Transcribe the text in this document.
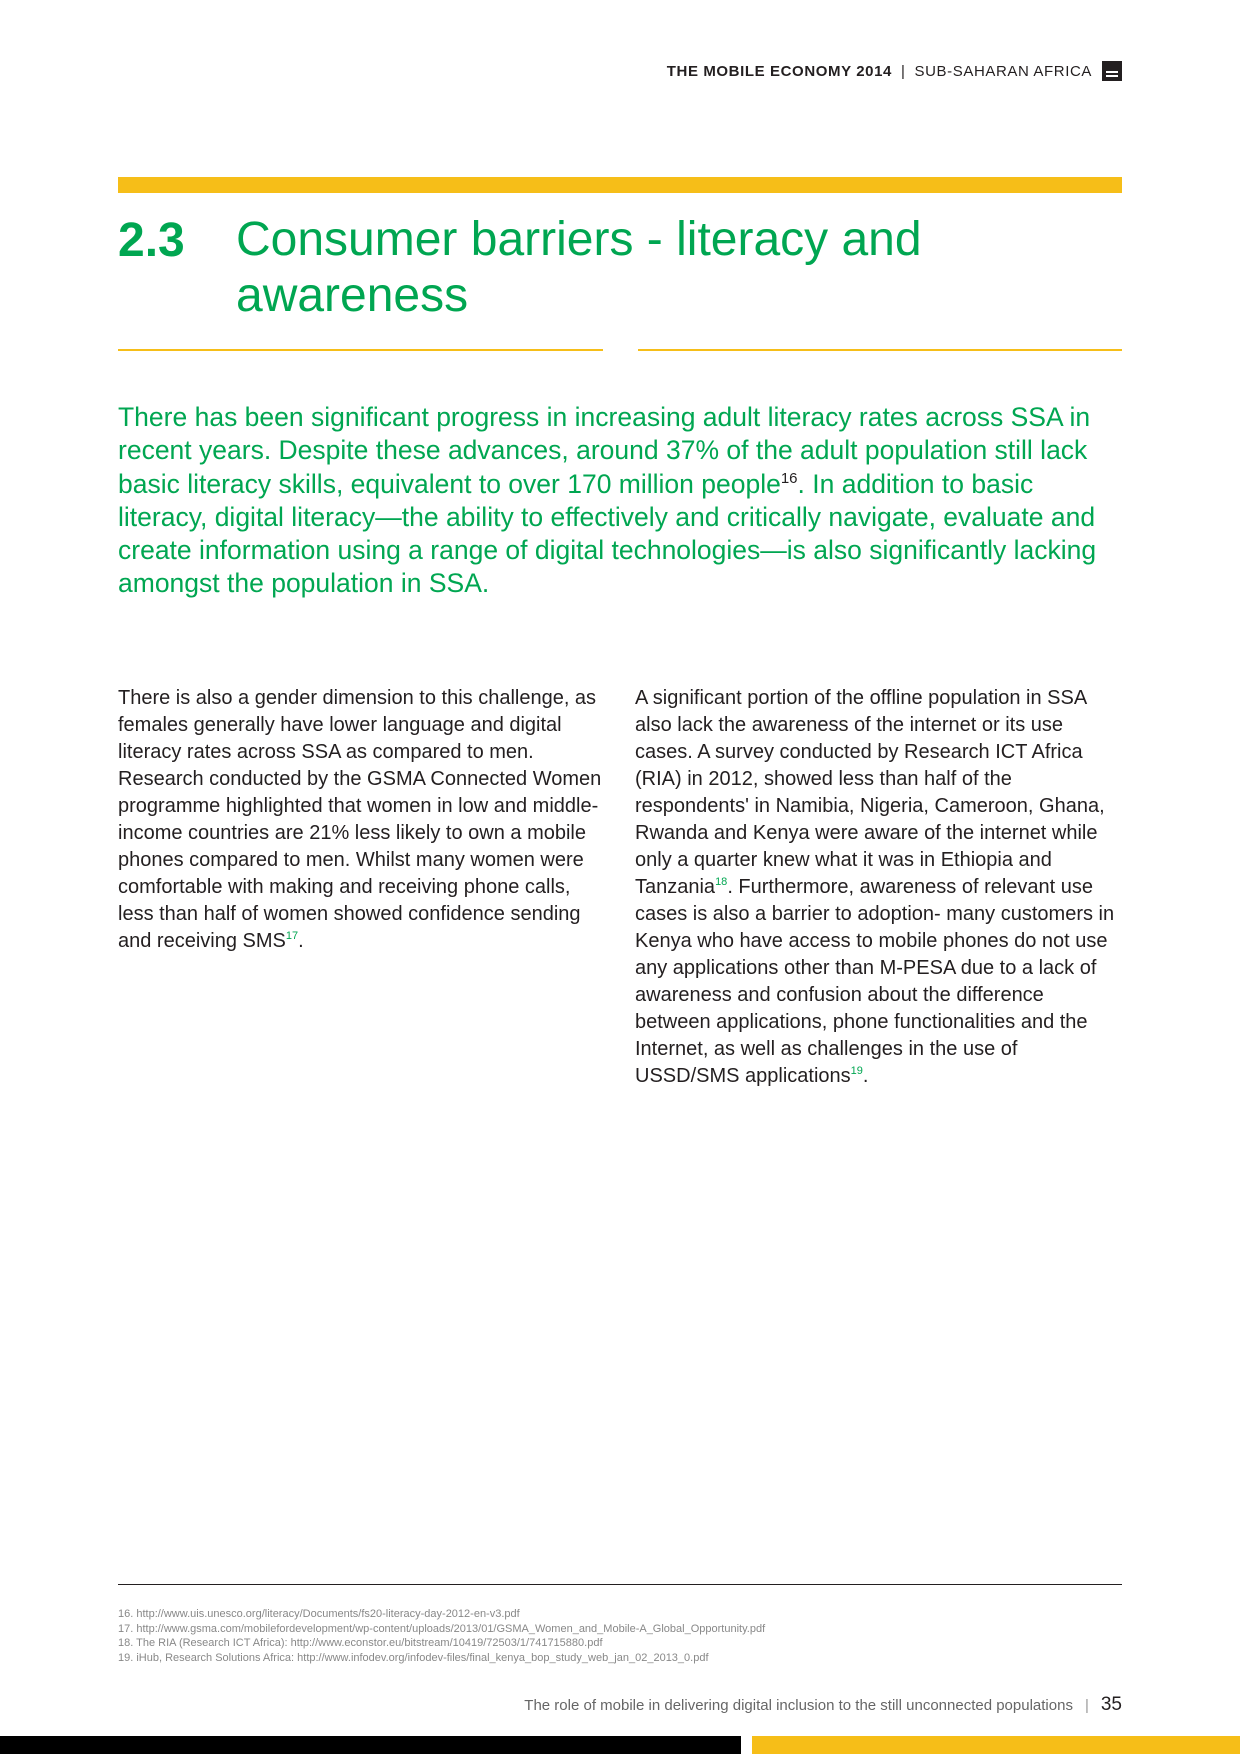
THE MOBILE ECONOMY 2014 | SUB-SAHARAN AFRICA
2.3 Consumer barriers - literacy and awareness

There has been significant progress in increasing adult literacy rates across SSA in recent years. Despite these advances, around 37% of the adult population still lack basic literacy skills, equivalent to over 170 million people$^{16}$. In addition to basic literacy, digital literacy—the ability to effectively and critically navigate, evaluate and create information using a range of digital technologies—is also significantly lacking amongst the population in SSA.

There is also a gender dimension to this challenge, as females generally have lower language and digital literacy rates across SSA as compared to men. Research conducted by the GSMA Connected Women programme highlighted that women in low and middle-income countries are 21% less likely to own a mobile phones compared to men. Whilst many women were comfortable with making and receiving phone calls, less than half of women showed confidence sending and receiving SMS$^{17}$.

A significant portion of the offline population in SSA also lack the awareness of the internet or its use cases. A survey conducted by Research ICT Africa (RIA) in 2012, showed less than half of the respondents' in Namibia, Nigeria, Cameroon, Ghana, Rwanda and Kenya were aware of the internet while only a quarter knew what it was in Ethiopia and Tanzania$^{18}$. Furthermore, awareness of relevant use cases is also a barrier to adoption- many customers in Kenya who have access to mobile phones do not use any applications other than M-PESA due to a lack of awareness and confusion about the difference between applications, phone functionalities and the Internet, as well as challenges in the use of USSD/SMS applications$^{19}$.

16. http://www.uis.unesco.org/literacy/Documents/fs20-literacy-day-2012-en-v3.pdf
17. http://www.gsma.com/mobilefordevelopment/wp-content/uploads/2013/01/GSMA_Women_and_Mobile-A_Global_Opportunity.pdf
18. The RIA (Research ICT Africa): http://www.econstor.eu/bitstream/10419/72503/1/741715880.pdf
19. iHub, Research Solutions Africa: http://www.infodev.org/infodev-files/final_kenya_bop_study_web_jan_02_2013_0.pdf
The role of mobile in delivering digital inclusion to the still unconnected populations | 35
